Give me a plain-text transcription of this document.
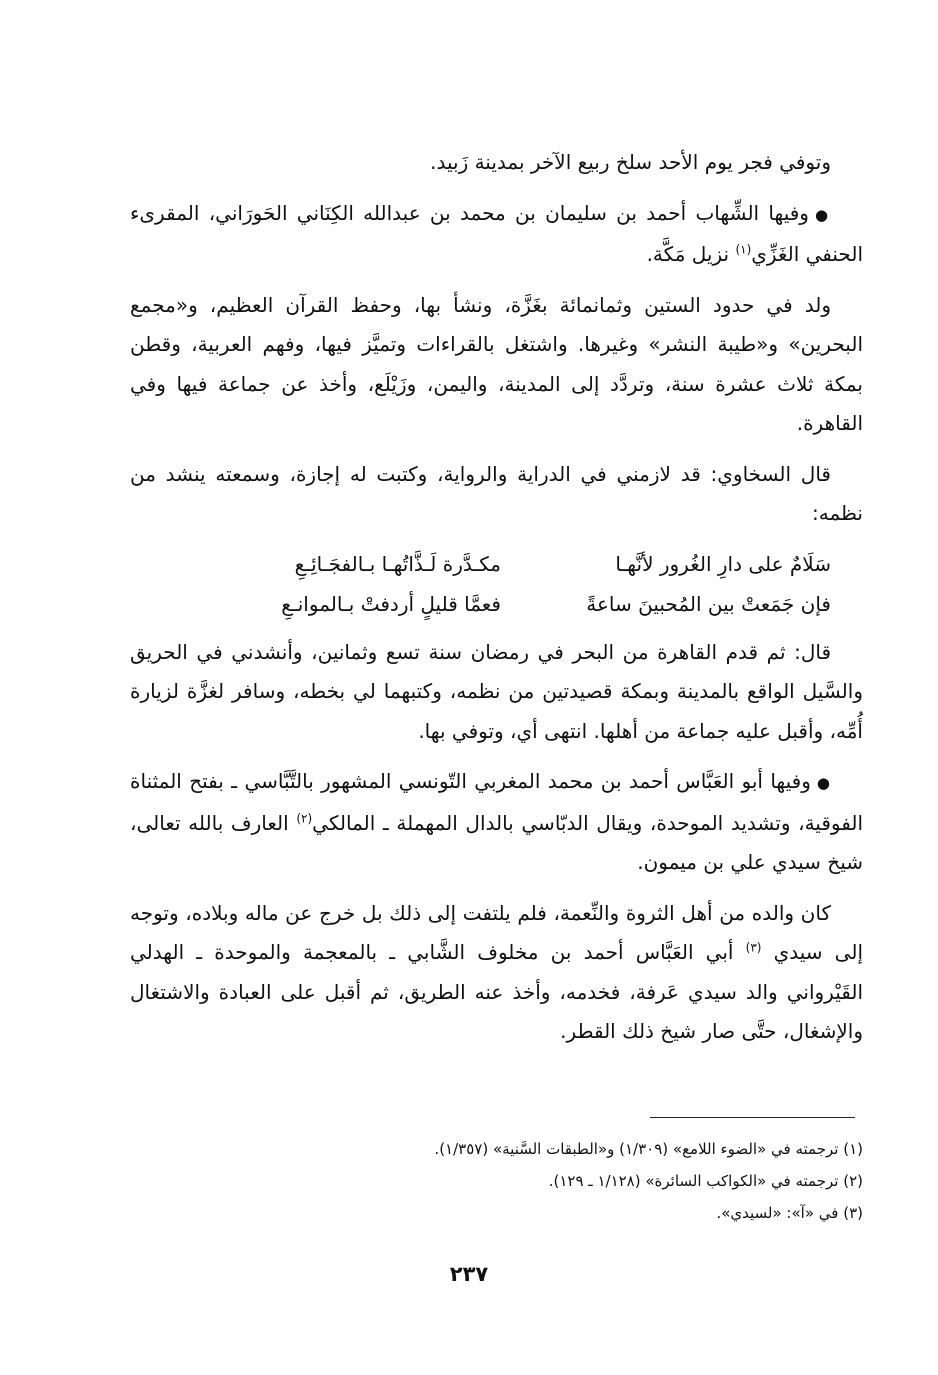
وتوفي فجر يوم الأحد سلخ ربيع الآخر بمدينة زَبيد.

●وفيها الشِّهاب أحمد بن سليمان بن محمد بن عبدالله الكِنَاني الحَورَاني، المقرىء الحنفي الغَزِّي$^{(١)}$ نزيل مَكَّة.

ولد في حدود الستين وثمانمائة بغَزَّة، ونشأ بها، وحفظ القرآن العظيم، و«مجمع البحرين» و«طيبة النشر» وغيرها. واشتغل بالقراءات وتميَّز فيها، وفهم العربية، وقطن بمكة ثلاث عشرة سنة، وتردَّد إلى المدينة، واليمن، وزَيْلَع، وأخذ عن جماعة فيها وفي القاهرة.

قال السخاوي: قد لازمني في الدراية والرواية، وكتبت له إجازة، وسمعته ينشد من نظمه:

سَلَامٌ على دارِ الغُرور لأنَّهـا
مكـدَّرة لَـذَّاتُهـا بـالفجَـائِـعِ
فإن جَمَعتْ بين المُحبينَ ساعةً
فعمَّا قليلٍ أردفتْ بـالموانـعِ

قال: ثم قدم القاهرة من البحر في رمضان سنة تسع وثمانين، وأنشدني في الحريق والسَّيل الواقع بالمدينة وبمكة قصيدتين من نظمه، وكتبهما لي بخطه، وسافر لغزَّة لزيارة أُمِّه، وأقبل عليه جماعة من أهلها. انتهى أي، وتوفي بها.

●وفيها أبو العَبَّاس أحمد بن محمد المغربي التّونسي المشهور بالتَّبَّاسي ـ بفتح المثناة الفوقية، وتشديد الموحدة، ويقال الدبّاسي بالدال المهملة ـ المالكي$^{(٢)}$ العارف بالله تعالى، شيخ سيدي علي بن ميمون.

كان والده من أهل الثروة والنِّعمة، فلم يلتفت إلى ذلك بل خرج عن ماله وبلاده، وتوجه إلى سيدي $^{(٣)}$ أبي العَبَّاس أحمد بن مخلوف الشَّابي ـ بالمعجمة والموحدة ـ الهدلي القَيْرواني والد سيدي عَرفة، فخدمه، وأخذ عنه الطريق، ثم أقبل على العبادة والاشتغال والإشغال، حتَّى صار شيخ ذلك القطر.

(١) ترجمته في «الضوء اللامع» (١/٣٠٩) و«الطبقات السَّنية» (١/٣٥٧).

(٢) ترجمته في «الكواكب السائرة» (١/١٢٨ ـ ١٢٩).

(٣) في «آ»: «لسيدي».

٢٣٧
